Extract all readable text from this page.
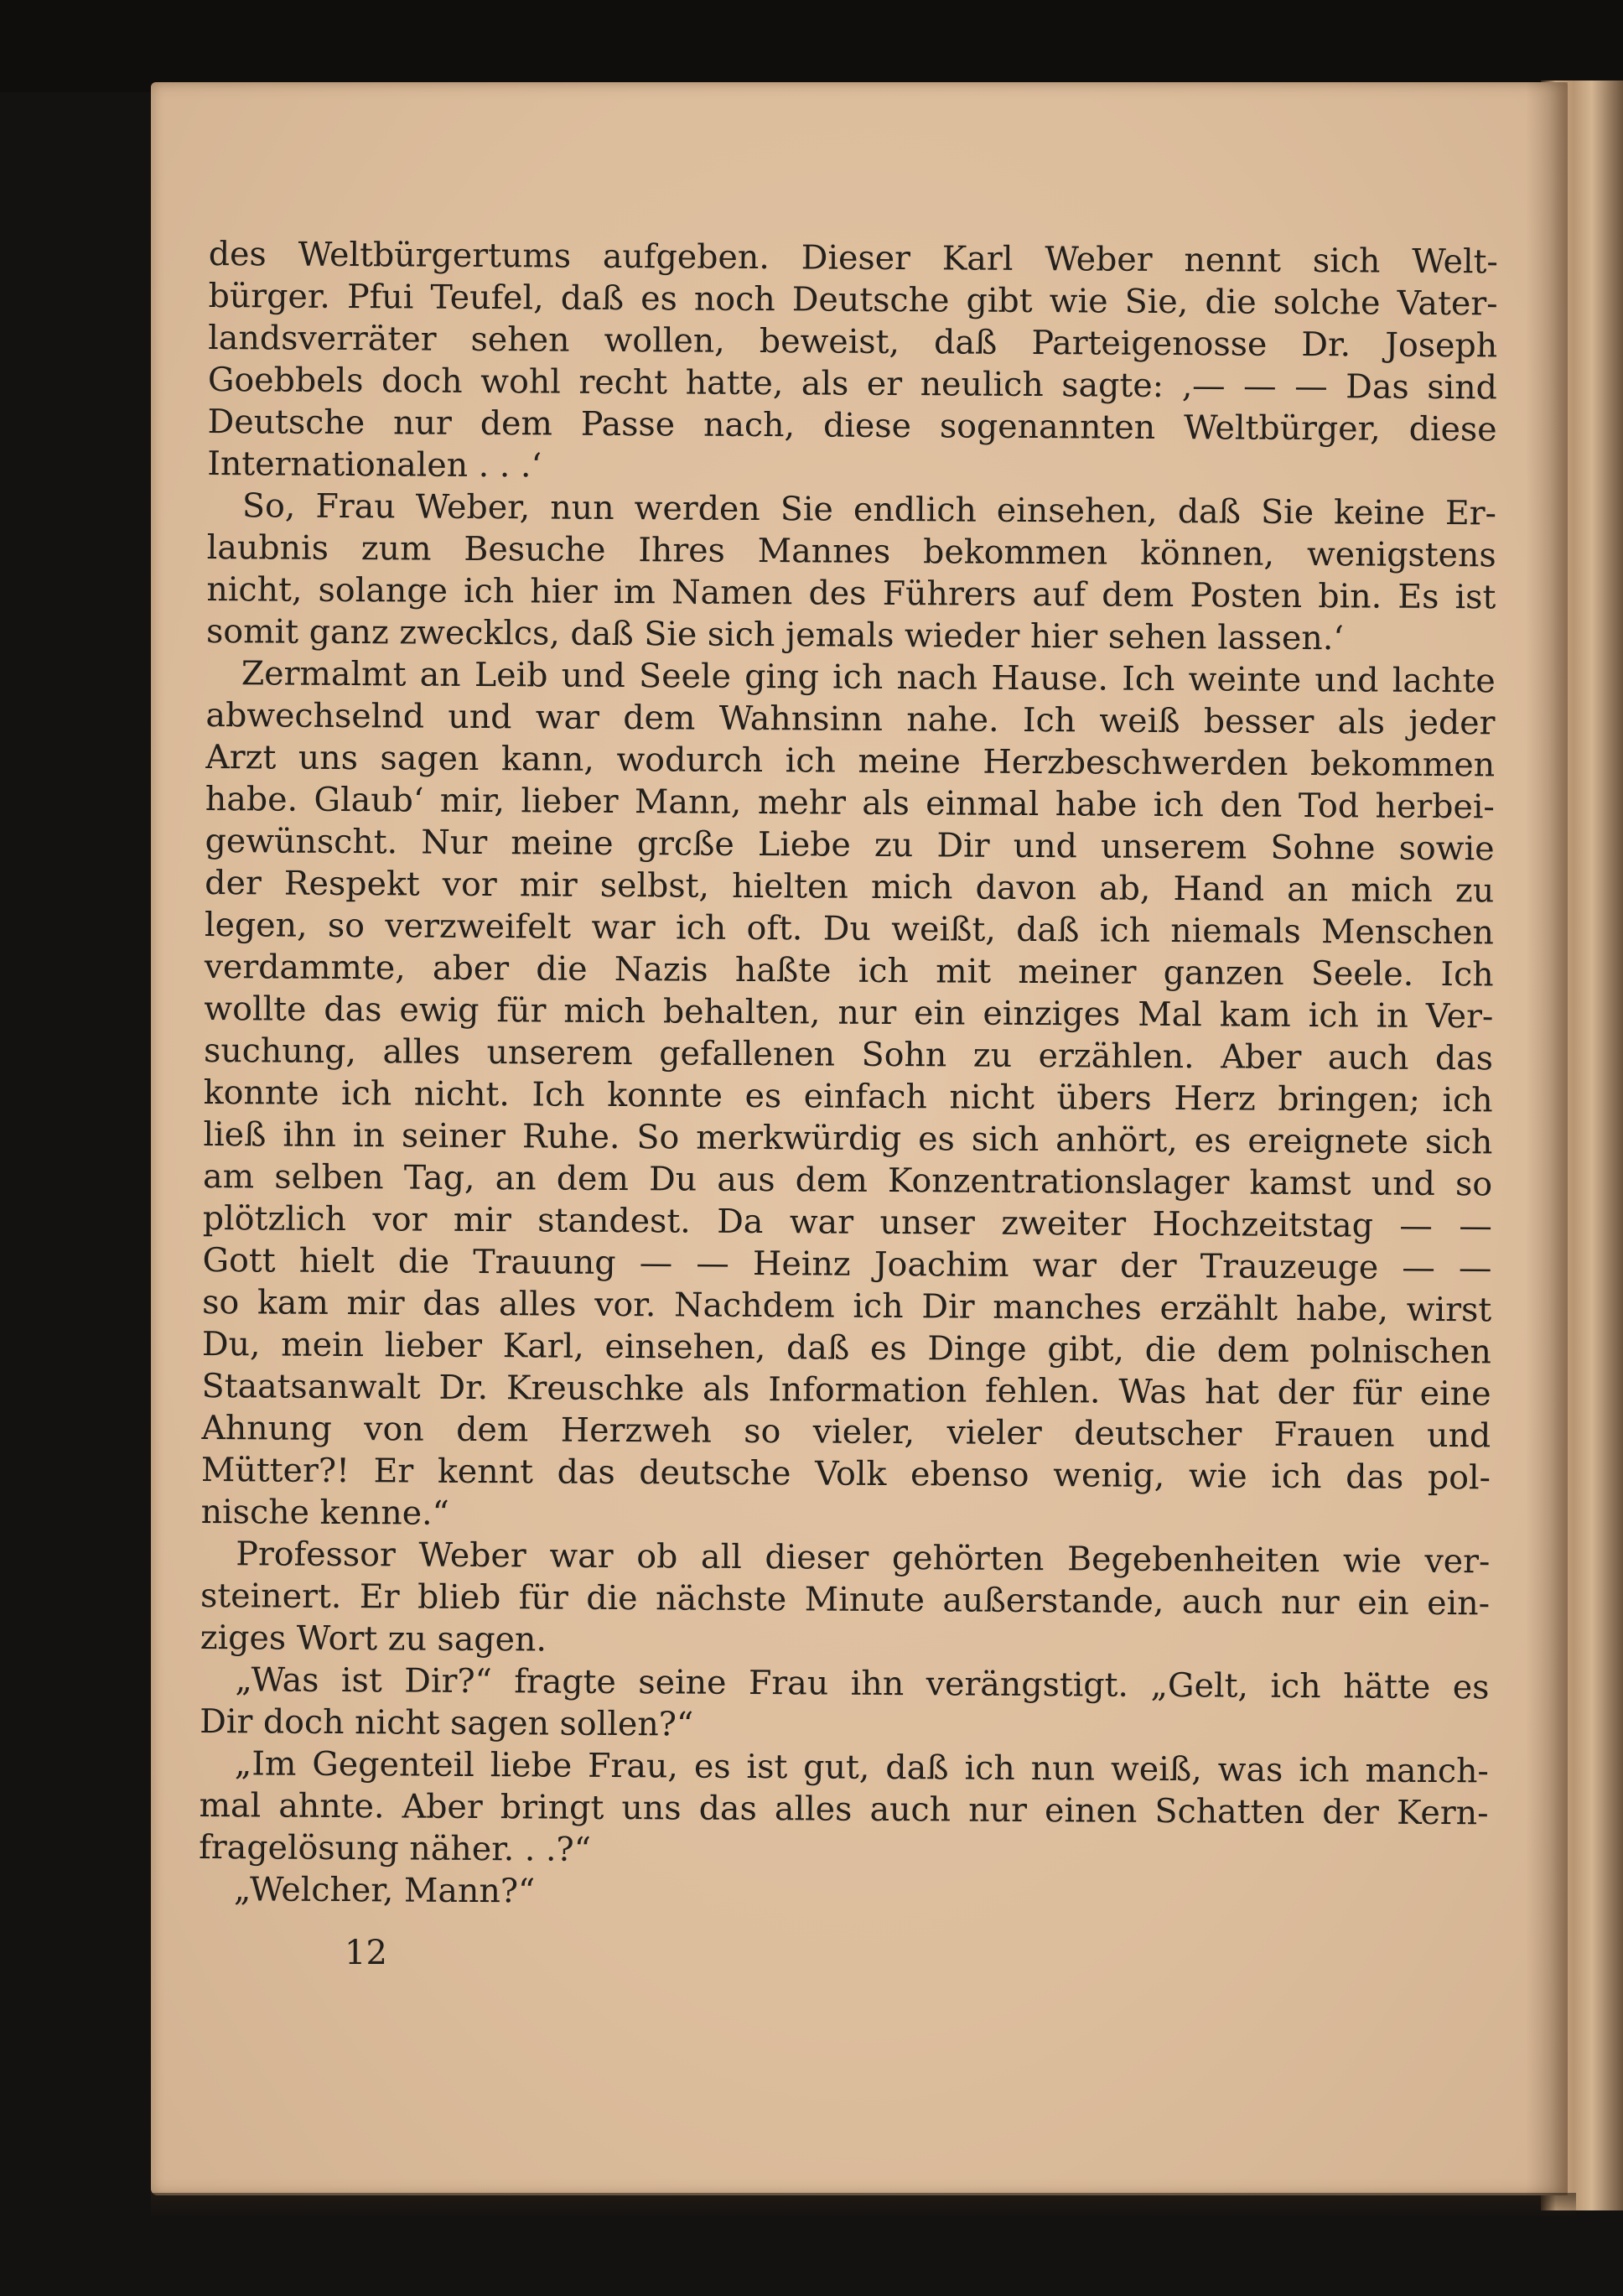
des Weltbürgertums aufgeben. Dieser Karl Weber nennt sich Welt-
bürger. Pfui Teufel, daß es noch Deutsche gibt wie Sie, die solche Vater-
landsverräter sehen wollen, beweist, daß Parteigenosse Dr. Joseph
Goebbels doch wohl recht hatte, als er neulich sagte: ‚— — — Das sind
Deutsche nur dem Passe nach, diese sogenannten Weltbürger, diese
Internationalen . . .‘
So, Frau Weber, nun werden Sie endlich einsehen, daß Sie keine Er-
laubnis zum Besuche Ihres Mannes bekommen können, wenigstens
nicht, solange ich hier im Namen des Führers auf dem Posten bin. Es ist
somit ganz zwecklcs, daß Sie sich jemals wieder hier sehen lassen.‘
Zermalmt an Leib und Seele ging ich nach Hause. Ich weinte und lachte
abwechselnd und war dem Wahnsinn nahe. Ich weiß besser als jeder
Arzt uns sagen kann, wodurch ich meine Herzbeschwerden bekommen
habe. Glaub‘ mir, lieber Mann, mehr als einmal habe ich den Tod herbei-
gewünscht. Nur meine grcße Liebe zu Dir und unserem Sohne sowie
der Respekt vor mir selbst, hielten mich davon ab, Hand an mich zu
legen, so verzweifelt war ich oft. Du weißt, daß ich niemals Menschen
verdammte, aber die Nazis haßte ich mit meiner ganzen Seele. Ich
wollte das ewig für mich behalten, nur ein einziges Mal kam ich in Ver-
suchung, alles unserem gefallenen Sohn zu erzählen. Aber auch das
konnte ich nicht. Ich konnte es einfach nicht übers Herz bringen; ich
ließ ihn in seiner Ruhe. So merkwürdig es sich anhört, es ereignete sich
am selben Tag, an dem Du aus dem Konzentrationslager kamst und so
plötzlich vor mir standest. Da war unser zweiter Hochzeitstag — —
Gott hielt die Trauung — — Heinz Joachim war der Trauzeuge — —
so kam mir das alles vor. Nachdem ich Dir manches erzählt habe, wirst
Du, mein lieber Karl, einsehen, daß es Dinge gibt, die dem polnischen
Staatsanwalt Dr. Kreuschke als Information fehlen. Was hat der für eine
Ahnung von dem Herzweh so vieler, vieler deutscher Frauen und
Mütter?! Er kennt das deutsche Volk ebenso wenig, wie ich das pol-
nische kenne.“
Professor Weber war ob all dieser gehörten Begebenheiten wie ver-
steinert. Er blieb für die nächste Minute außerstande, auch nur ein ein-
ziges Wort zu sagen.
„Was ist Dir?“ fragte seine Frau ihn verängstigt. „Gelt, ich hätte es
Dir doch nicht sagen sollen?“
„Im Gegenteil liebe Frau, es ist gut, daß ich nun weiß, was ich manch-
mal ahnte. Aber bringt uns das alles auch nur einen Schatten der Kern-
fragelösung näher. . .?“
„Welcher, Mann?“
12
